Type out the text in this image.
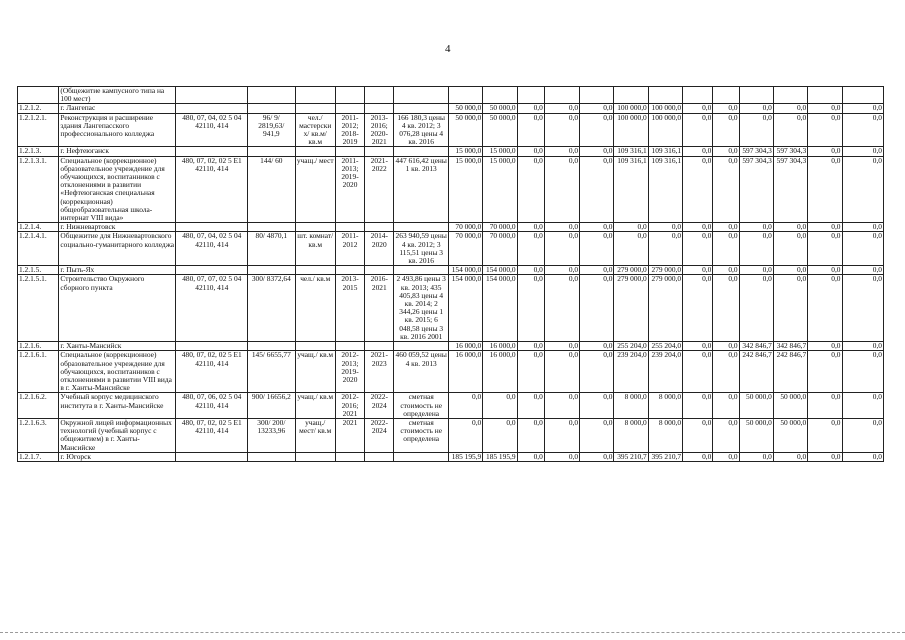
4
	(Общежитие кампусного типа на 100 мест)																			
1.2.1.2.	г. Лангепас							50 000,0	50 000,0	0,0	0,0	0,0	100 000,0	100 000,0	0,0	0,0	0,0	0,0	0,0	0,0
1.2.1.2.1.	Реконструкция и расширение здания Лангепасского профессионального колледжа	480, 07, 04, 02 5 04 42110, 414	96/ 9/ 2819,63/ 941,9	чел./ мастерски х/ кв.м/ кв.м	2011- 2012; 2018- 2019	2013- 2016; 2020- 2021	166 180,3 цены 4 кв. 2012; 3 076,28 цены 4 кв. 2016	50 000,0	50 000,0	0,0	0,0	0,0	100 000,0	100 000,0	0,0	0,0	0,0	0,0	0,0	0,0
1.2.1.3.	г. Нефтеюганск							15 000,0	15 000,0	0,0	0,0	0,0	109 316,1	109 316,1	0,0	0,0	597 304,3	597 304,3	0,0	0,0
1.2.1.3.1.	Специальное (коррекционное) образовательное учреждение для обучающихся, воспитанников с отклонениями в развитии «Нефтеюганская специальная (коррекционная) общеобразовательная школа-интернат VIII вида»	480, 07, 02, 02 5 Е1 42110, 414	144/ 60	учащ./ мест	2011- 2013; 2019- 2020	2021- 2022	447 616,42 цены 1 кв. 2013	15 000,0	15 000,0	0,0	0,0	0,0	109 316,1	109 316,1	0,0	0,0	597 304,3	597 304,3	0,0	0,0
1.2.1.4.	г. Нижневартовск							70 000,0	70 000,0	0,0	0,0	0,0	0,0	0,0	0,0	0,0	0,0	0,0	0,0	0,0
1.2.1.4.1.	Общежитие для Нижневартовского социально-гуманитарного колледжа	480, 07, 04, 02 5 04 42110, 414	80/ 4870,1	шт. комнат/ кв.м	2011- 2012	2014- 2020	263 940,59 цены 4 кв. 2012; 3 115,51 цены 3 кв. 2016	70 000,0	70 000,0	0,0	0,0	0,0	0,0	0,0	0,0	0,0	0,0	0,0	0,0	0,0
1.2.1.5.	г. Пыть-Ях							154 000,0	154 000,0	0,0	0,0	0,0	279 000,0	279 000,0	0,0	0,0	0,0	0,0	0,0	0,0
1.2.1.5.1.	Строительство Окружного сборного пункта	480, 07, 07, 02 5 04 42110, 414	300/ 8372,64	чел./ кв.м	2013- 2015	2016- 2021	2 493,86 цены 3 кв. 2013; 435 405,83 цены 4 кв. 2014; 2 344,26 цены 1 кв. 2015; 6 048,58 цены 3 кв. 2016 2001	154 000,0	154 000,0	0,0	0,0	0,0	279 000,0	279 000,0	0,0	0,0	0,0	0,0	0,0	0,0
1.2.1.6.	г. Ханты-Мансийск							16 000,0	16 000,0	0,0	0,0	0,0	255 204,0	255 204,0	0,0	0,0	342 846,7	342 846,7	0,0	0,0
1.2.1.6.1.	Специальное (коррекционное) образовательное учреждение для обучающихся, воспитанников с отклонениями в развитии VIII вида в г. Ханты-Мансийске	480, 07, 02, 02 5 Е1 42110, 414	145/ 6655,77	учащ./ кв.м	2012- 2013; 2019- 2020	2021- 2023	460 059,52 цены 4 кв. 2013	16 000,0	16 000,0	0,0	0,0	0,0	239 204,0	239 204,0	0,0	0,0	242 846,7	242 846,7	0,0	0,0
1.2.1.6.2.	Учебный корпус медицинского института в г. Ханты-Мансийске	480, 07, 06, 02 5 04 42110, 414	900/ 16656,2	учащ./ кв.м	2012- 2016; 2021	2022- 2024	сметная стоимость не определена	0,0	0,0	0,0	0,0	0,0	8 000,0	8 000,0	0,0	0,0	50 000,0	50 000,0	0,0	0,0
1.2.1.6.3.	Окружной лицей информационных технологий (учебный корпус с общежитием) в г. Ханты-Мансийске	480, 07, 02, 02 5 Е1 42110, 414	300/ 200/ 13233,96	учащ./ мест/ кв.м	2021	2022- 2024	сметная стоимость не определена	0,0	0,0	0,0	0,0	0,0	8 000,0	8 000,0	0,0	0,0	50 000,0	50 000,0	0,0	0,0
1.2.1.7.	г. Югорск							185 195,9	185 195,9	0,0	0,0	0,0	395 210,7	395 210,7	0,0	0,0	0,0	0,0	0,0	0,0
